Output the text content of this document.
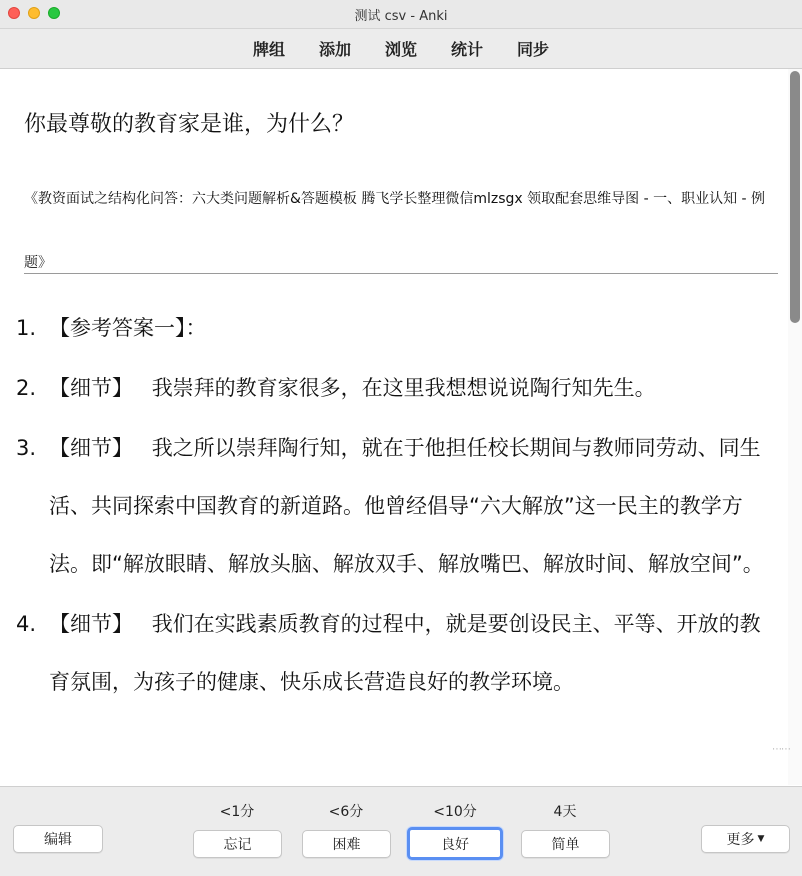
测试 csv - Anki
牌组	添加	浏览	统计	同步
你最尊敬的教育家是谁，为什么？
《教资面试之结构化问答：六大类问题解析&答题模板 腾飞学长整理微信mlzsgx 领取配套思维导图 - 一、职业认知 - 例题》
1. 【参考答案一】：
2. 【细节】 我崇拜的教育家很多，在这里我想想说说陶行知先生。
3. 【细节】 我之所以崇拜陶行知，就在于他担任校长期间与教师同劳动、同生活、共同探索中国教育的新道路。他曾经倡导“六大解放”这一民主的教学方法。即“解放眼睛、解放头脑、解放双手、解放嘴巴、解放时间、解放空间”。
4. 【细节】 我们在实践素质教育的过程中，就是要创设民主、平等、开放的教育氛围，为孩子的健康、快乐成长营造良好的教学环境。
⋯⋯
编辑
<1分
忘记
<6分
困难
<10分
良好
4天
简单	更多 ▼
